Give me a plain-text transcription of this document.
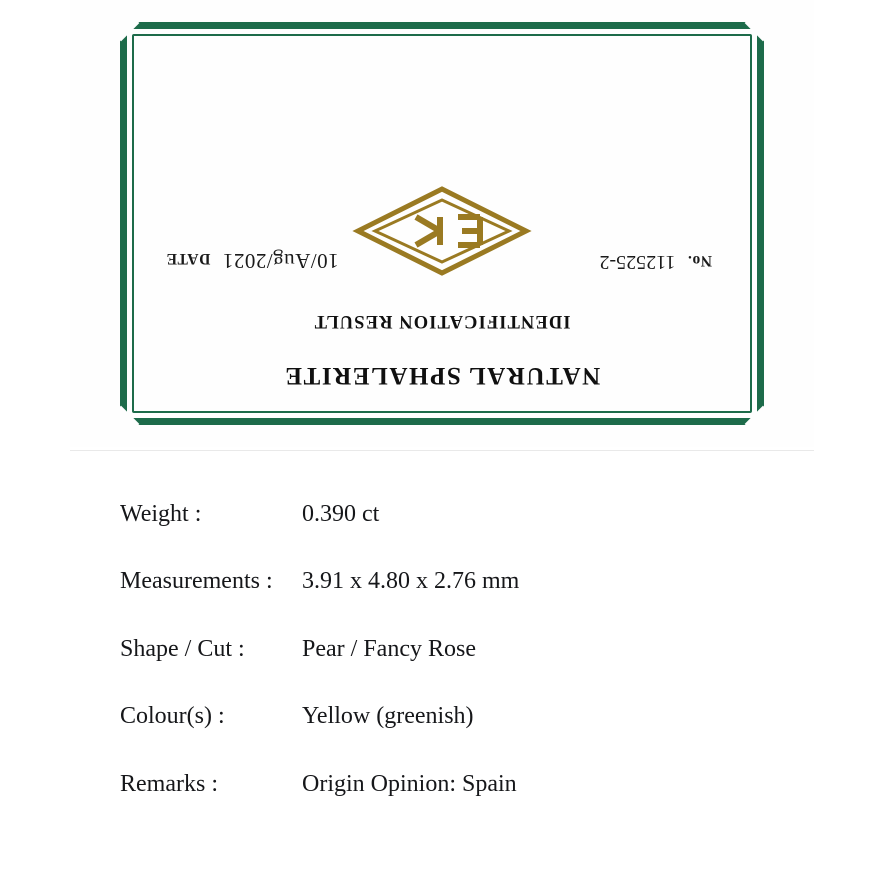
No. 112525-2
10/Aug/2021 DATE
IDENTIFICATION RESULT
NATURAL SPHALERITE
Weight :	0.390 ct
Measurements : 3.91 x 4.80 x 2.76 mm
Shape / Cut : Pear / Fancy Rose
Colour(s) :	Yellow (greenish)
Remarks :	Origin Opinion: Spain
